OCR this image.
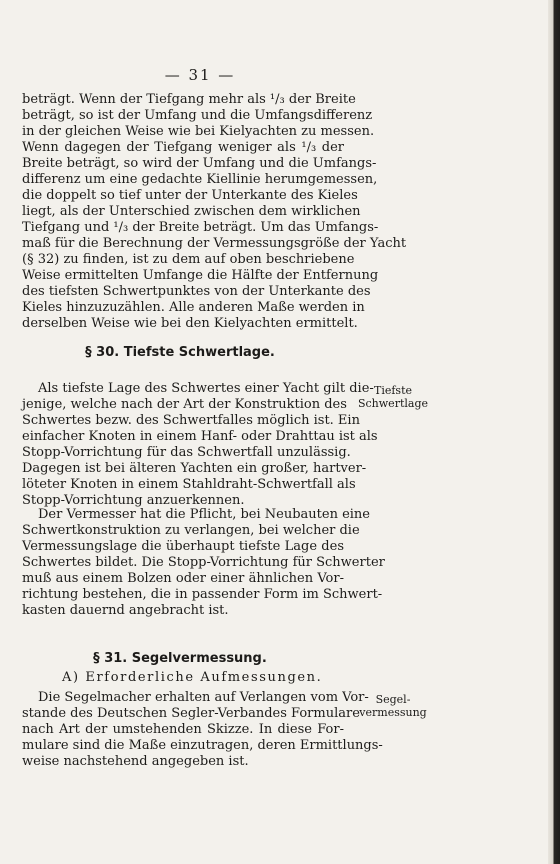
— 31 —
beträgt. Wenn der Tiefgang mehr als ¹/₃ der Breite
beträgt, so ist der Umfang und die Umfangsdifferenz
in der gleichen Weise wie bei Kielyachten zu messen.
Wenn dagegen der Tiefgang weniger als ¹/₃ der
Breite beträgt, so wird der Umfang und die Umfangs-
differenz um eine gedachte Kiellinie herumgemessen,
die doppelt so tief unter der Unterkante des Kieles
liegt, als der Unterschied zwischen dem wirklichen
Tiefgang und ¹/₃ der Breite beträgt. Um das Umfangs-
maß für die Berechnung der Vermessungsgröße der Yacht
(§ 32) zu finden, ist zu dem auf oben beschriebene
Weise ermittelten Umfange die Hälfte der Entfernung
des tiefsten Schwertpunktes von der Unterkante des
Kieles hinzuzuzählen. Alle anderen Maße werden in
derselben Weise wie bei den Kielyachten ermittelt.
§ 30. Tiefste Schwertlage.
Tiefste
Schwertlage
Als tiefste Lage des Schwertes einer Yacht gilt die-
jenige, welche nach der Art der Konstruktion des
Schwertes bezw. des Schwertfalles möglich ist. Ein
einfacher Knoten in einem Hanf- oder Drahttau ist als
Stopp-Vorrichtung für das Schwertfall unzulässig.
Dagegen ist bei älteren Yachten ein großer, hartver-
löteter Knoten in einem Stahldraht-Schwertfall als
Stopp-Vorrichtung anzuerkennen.
Der Vermesser hat die Pflicht, bei Neubauten eine
Schwertkonstruktion zu verlangen, bei welcher die
Vermessungslage die überhaupt tiefste Lage des
Schwertes bildet. Die Stopp-Vorrichtung für Schwerter
muß aus einem Bolzen oder einer ähnlichen Vor-
richtung bestehen, die in passender Form im Schwert-
kasten dauernd angebracht ist.
§ 31. Segelvermessung.
A) Erforderliche Aufmessungen.
Segel-
vermessung
Die Segelmacher erhalten auf Verlangen vom Vor-
stande des Deutschen Segler-Verbandes Formulare
nach Art der umstehenden Skizze. In diese For-
mulare sind die Maße einzutragen, deren Ermittlungs-
weise nachstehend angegeben ist.
